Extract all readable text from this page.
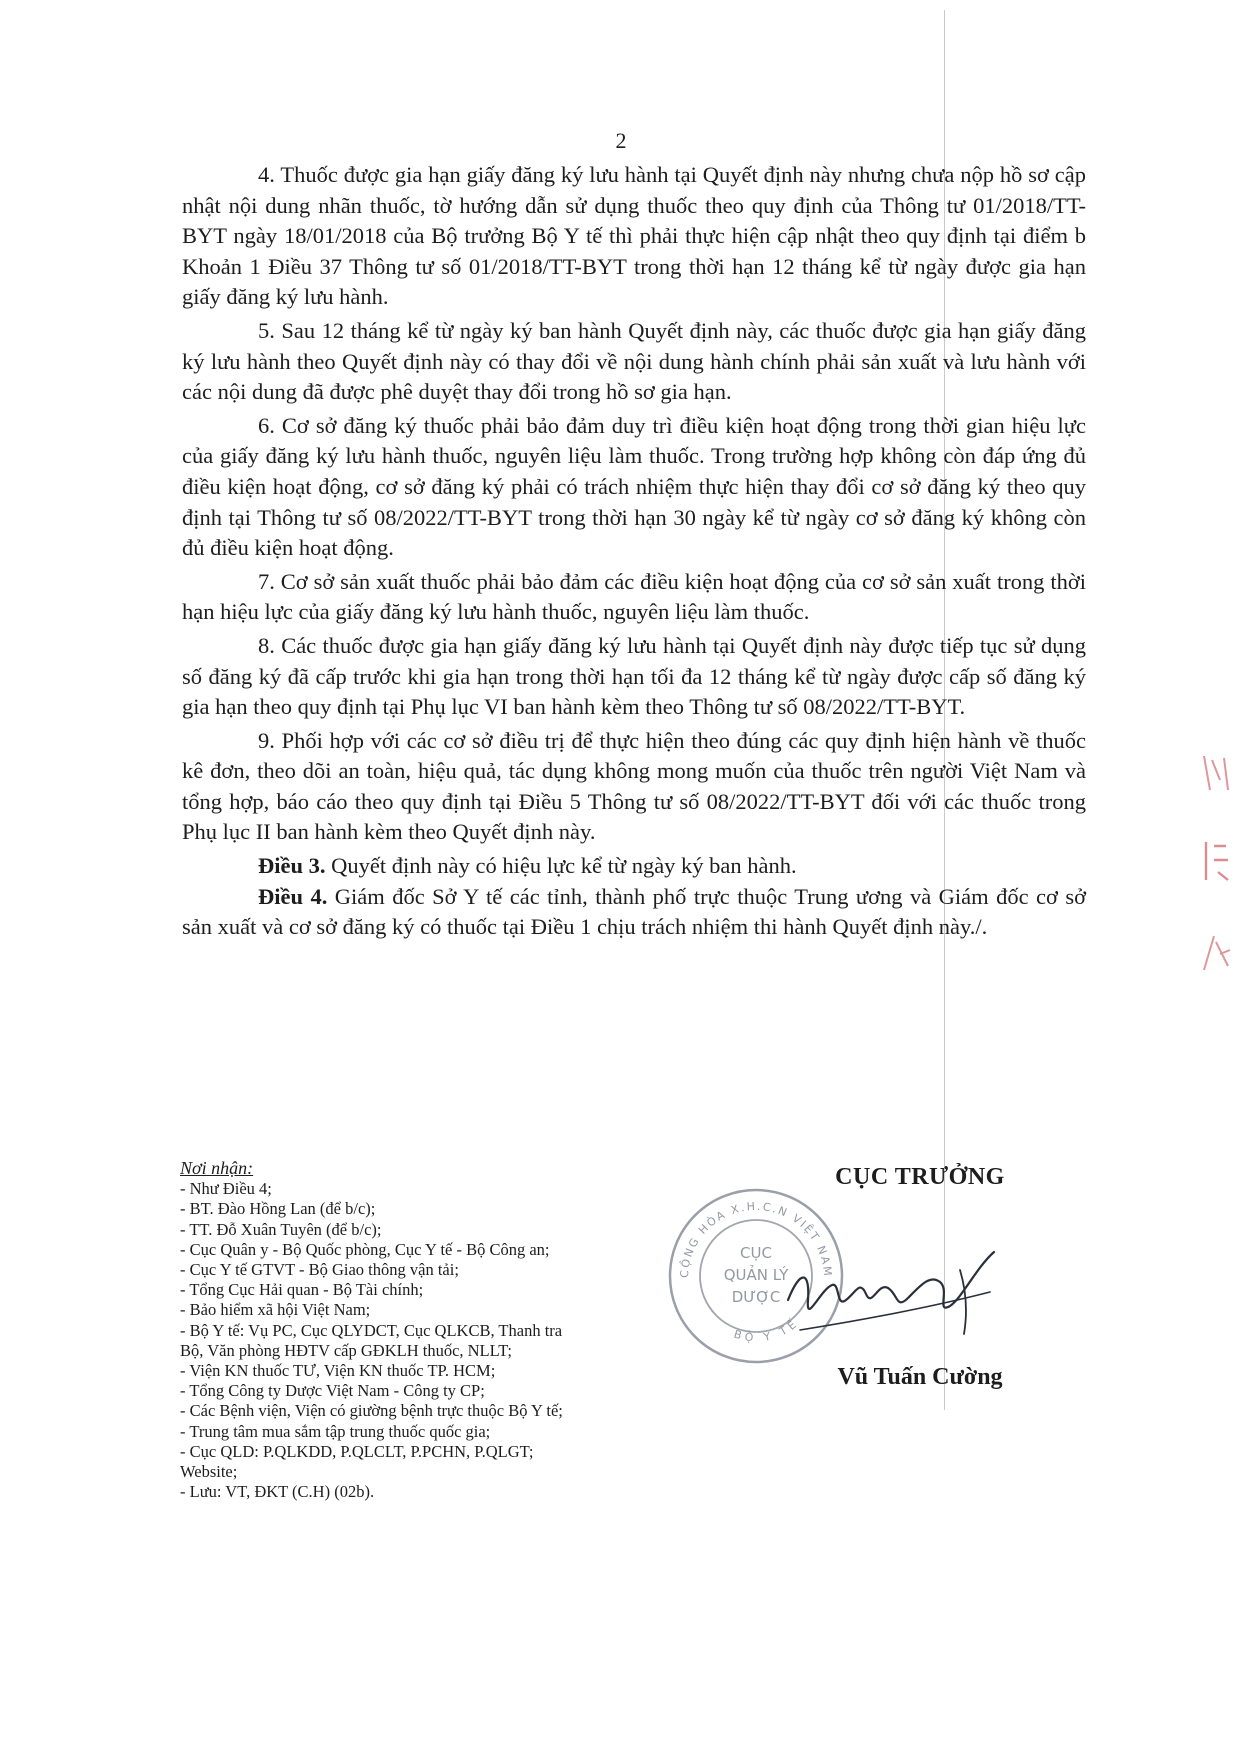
2

4. Thuốc được gia hạn giấy đăng ký lưu hành tại Quyết định này nhưng chưa nộp hồ sơ cập nhật nội dung nhãn thuốc, tờ hướng dẫn sử dụng thuốc theo quy định của Thông tư 01/2018/TT-BYT ngày 18/01/2018 của Bộ trưởng Bộ Y tế thì phải thực hiện cập nhật theo quy định tại điểm b Khoản 1 Điều 37 Thông tư số 01/2018/TT-BYT trong thời hạn 12 tháng kể từ ngày được gia hạn giấy đăng ký lưu hành.

5. Sau 12 tháng kể từ ngày ký ban hành Quyết định này, các thuốc được gia hạn giấy đăng ký lưu hành theo Quyết định này có thay đổi về nội dung hành chính phải sản xuất và lưu hành với các nội dung đã được phê duyệt thay đổi trong hồ sơ gia hạn.

6. Cơ sở đăng ký thuốc phải bảo đảm duy trì điều kiện hoạt động trong thời gian hiệu lực của giấy đăng ký lưu hành thuốc, nguyên liệu làm thuốc. Trong trường hợp không còn đáp ứng đủ điều kiện hoạt động, cơ sở đăng ký phải có trách nhiệm thực hiện thay đổi cơ sở đăng ký theo quy định tại Thông tư số 08/2022/TT-BYT trong thời hạn 30 ngày kể từ ngày cơ sở đăng ký không còn đủ điều kiện hoạt động.

7. Cơ sở sản xuất thuốc phải bảo đảm các điều kiện hoạt động của cơ sở sản xuất trong thời hạn hiệu lực của giấy đăng ký lưu hành thuốc, nguyên liệu làm thuốc.

8. Các thuốc được gia hạn giấy đăng ký lưu hành tại Quyết định này được tiếp tục sử dụng số đăng ký đã cấp trước khi gia hạn trong thời hạn tối đa 12 tháng kể từ ngày được cấp số đăng ký gia hạn theo quy định tại Phụ lục VI ban hành kèm theo Thông tư số 08/2022/TT-BYT.

9. Phối hợp với các cơ sở điều trị để thực hiện theo đúng các quy định hiện hành về thuốc kê đơn, theo dõi an toàn, hiệu quả, tác dụng không mong muốn của thuốc trên người Việt Nam và tổng hợp, báo cáo theo quy định tại Điều 5 Thông tư số 08/2022/TT-BYT đối với các thuốc trong Phụ lục II ban hành kèm theo Quyết định này.

Điều 3. Quyết định này có hiệu lực kể từ ngày ký ban hành.

Điều 4. Giám đốc Sở Y tế các tỉnh, thành phố trực thuộc Trung ương và Giám đốc cơ sở sản xuất và cơ sở đăng ký có thuốc tại Điều 1 chịu trách nhiệm thi hành Quyết định này./.

Nơi nhận:
- Như Điều 4;
- BT. Đào Hồng Lan (để b/c);
- TT. Đỗ Xuân Tuyên (để b/c);
- Cục Quân y - Bộ Quốc phòng, Cục Y tế - Bộ Công an;
- Cục Y tế GTVT - Bộ Giao thông vận tải;
- Tổng Cục Hải quan - Bộ Tài chính;
- Bảo hiểm xã hội Việt Nam;
- Bộ Y tế: Vụ PC, Cục QLYDCT, Cục QLKCB, Thanh tra
Bộ, Văn phòng HĐTV cấp GĐKLH thuốc, NLLT;
- Viện KN thuốc TƯ, Viện KN thuốc TP. HCM;
- Tổng Công ty Dược Việt Nam - Công ty CP;
- Các Bệnh viện, Viện có giường bệnh trực thuộc Bộ Y tế;
- Trung tâm mua sắm tập trung thuốc quốc gia;
- Cục QLD: P.QLKDD, P.QLCLT, P.PCHN, P.QLGT;
Website;
- Lưu: VT, ĐKT (C.H) (02b).
CỘNG HÒA X.H.C.N VIỆT NAM
BỘ Y TẾ
CỤC
QUẢN LÝ
DƯỢC
CỤC TRƯỞNG
Vũ Tuấn Cường
